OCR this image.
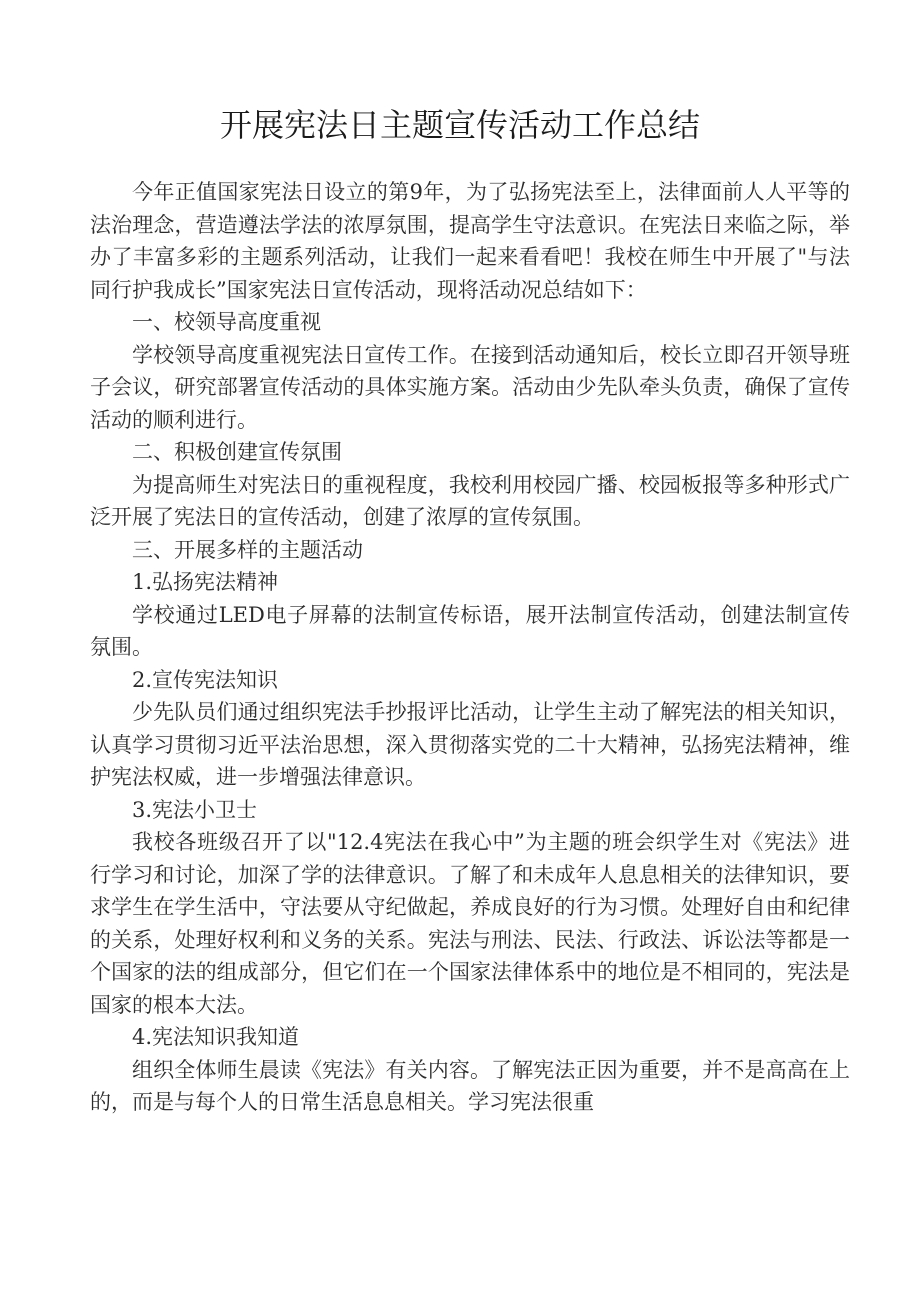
开展宪法日主题宣传活动工作总结

今年正值国家宪法日设立的第9年，为了弘扬宪法至上，法律面前人人平等的法治理念，营造遵法学法的浓厚氛围，提高学生守法意识。在宪法日来临之际，举办了丰富多彩的主题系列活动，让我们一起来看看吧！我校在师生中开展了"与法同行护我成长”国家宪法日宣传活动，现将活动况总结如下：

一、校领导高度重视

学校领导高度重视宪法日宣传工作。在接到活动通知后，校长立即召开领导班子会议，研究部署宣传活动的具体实施方案。活动由少先队牵头负责，确保了宣传活动的顺利进行。

二、积极创建宣传氛围

为提高师生对宪法日的重视程度，我校利用校园广播、校园板报等多种形式广泛开展了宪法日的宣传活动，创建了浓厚的宣传氛围。

三、开展多样的主题活动

1.弘扬宪法精神

学校通过LED电子屏幕的法制宣传标语，展开法制宣传活动，创建法制宣传氛围。

2.宣传宪法知识

少先队员们通过组织宪法手抄报评比活动，让学生主动了解宪法的相关知识，认真学习贯彻习近平法治思想，深入贯彻落实党的二十大精神，弘扬宪法精神，维护宪法权威，进一步增强法律意识。

3.宪法小卫士

我校各班级召开了以"12.4宪法在我心中”为主题的班会织学生对《宪法》进行学习和讨论，加深了学的法律意识。了解了和未成年人息息相关的法律知识，要求学生在学生活中，守法要从守纪做起，养成良好的行为习惯。处理好自由和纪律的关系，处理好权利和义务的关系。宪法与刑法、民法、行政法、诉讼法等都是一个国家的法的组成部分，但它们在一个国家法律体系中的地位是不相同的，宪法是国家的根本大法。

4.宪法知识我知道

组织全体师生晨读《宪法》有关内容。了解宪法正因为重要，并不是高高在上的，而是与每个人的日常生活息息相关。学习宪法很重
